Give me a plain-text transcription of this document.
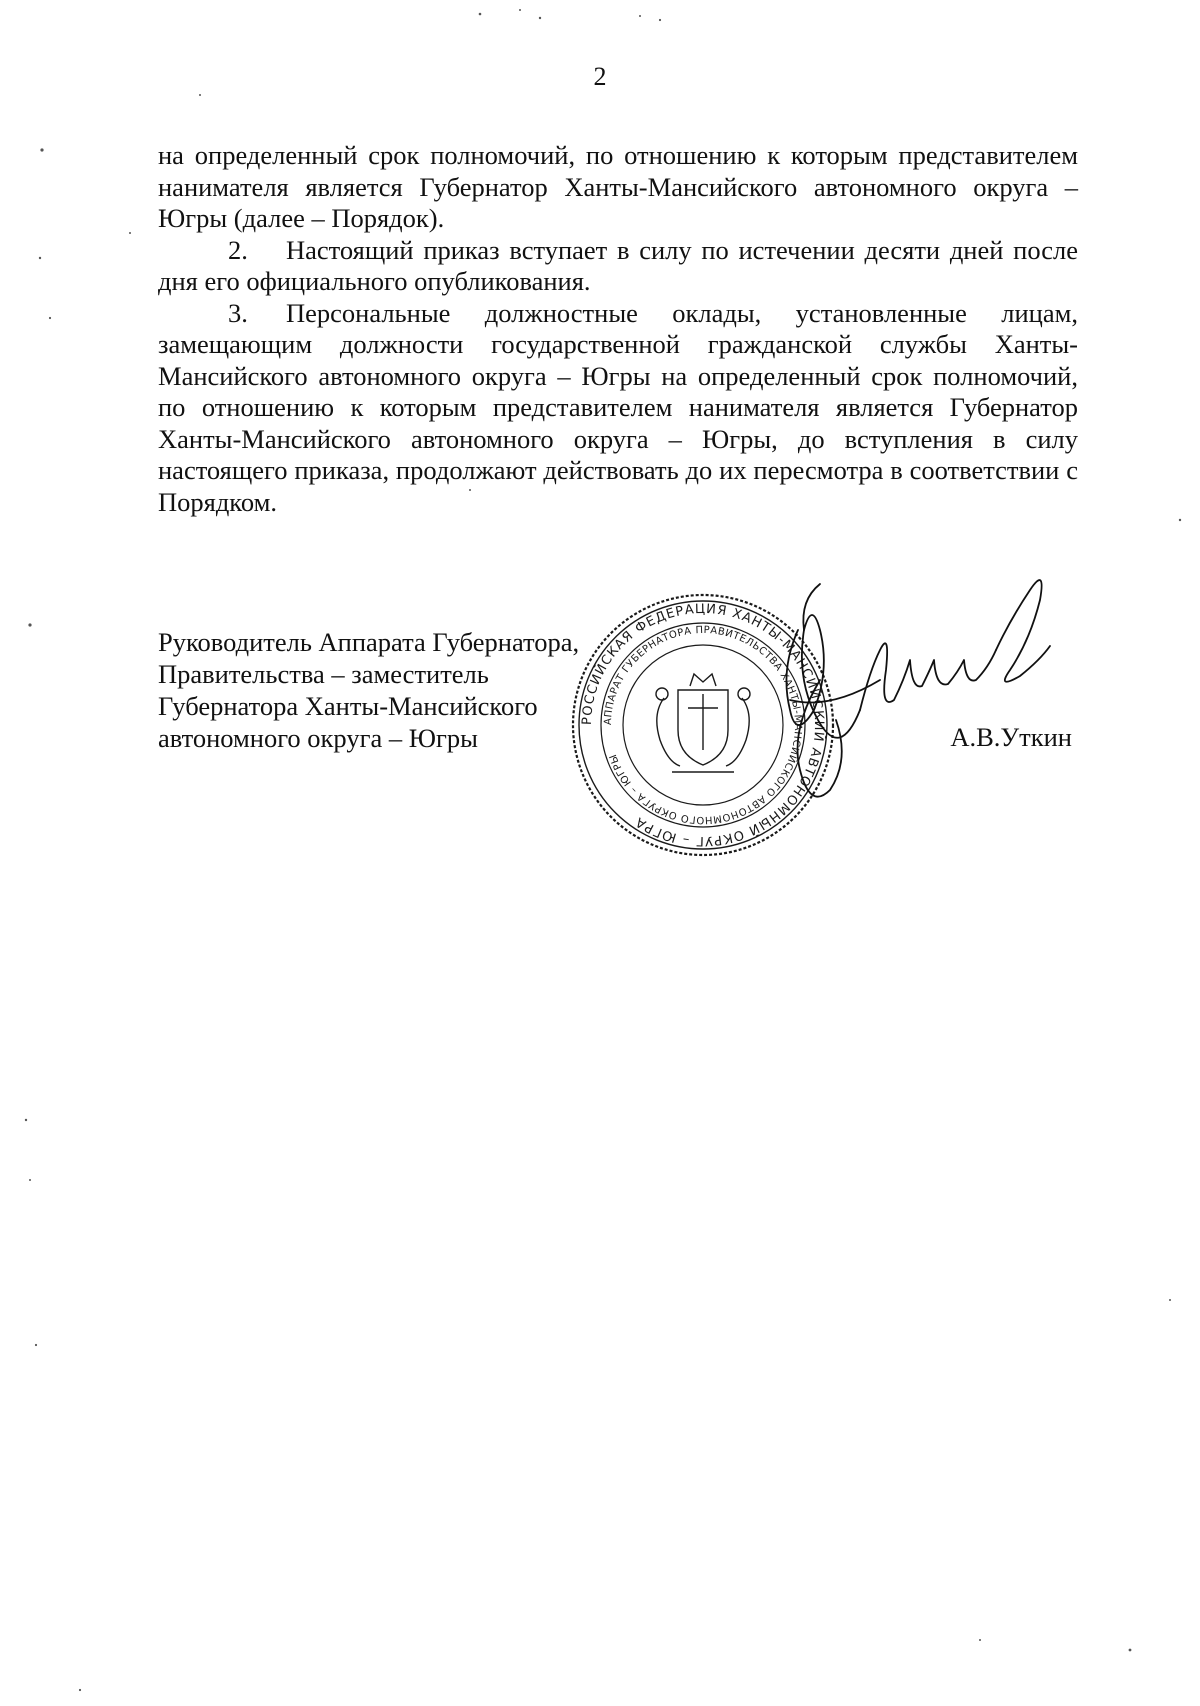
2

на определенный срок полномочий, по отношению к которым представителем нанимателя является Губернатор Ханты-Мансийского автономного округа – Югры (далее – Порядок).

2. Настоящий приказ вступает в силу по истечении десяти дней после дня его официального опубликования.

3. Персональные должностные оклады, установленные лицам, замещающим должности государственной гражданской службы Ханты-Мансийского автономного округа – Югры на определенный срок полномочий, по отношению к которым представителем нанимателя является Губернатор Ханты-Мансийского автономного округа – Югры, до вступления в силу настоящего приказа, продолжают действовать до их пересмотра в соответствии с Порядком.

Руководитель Аппарата Губернатора,
Правительства – заместитель
Губернатора Ханты-Мансийского
автономного округа – Югры
РОССИЙСКАЯ ФЕДЕРАЦИЯ ХАНТЫ-МАНСИЙСКИЙ АВТОНОМНЫЙ ОКРУГ – ЮГРА
АППАРАТ ГУБЕРНАТОРА ПРАВИТЕЛЬСТВА ХАНТЫ-МАНСИЙСКОГО АВТОНОМНОГО ОКРУГА – ЮГРЫ
А.В.Уткин
